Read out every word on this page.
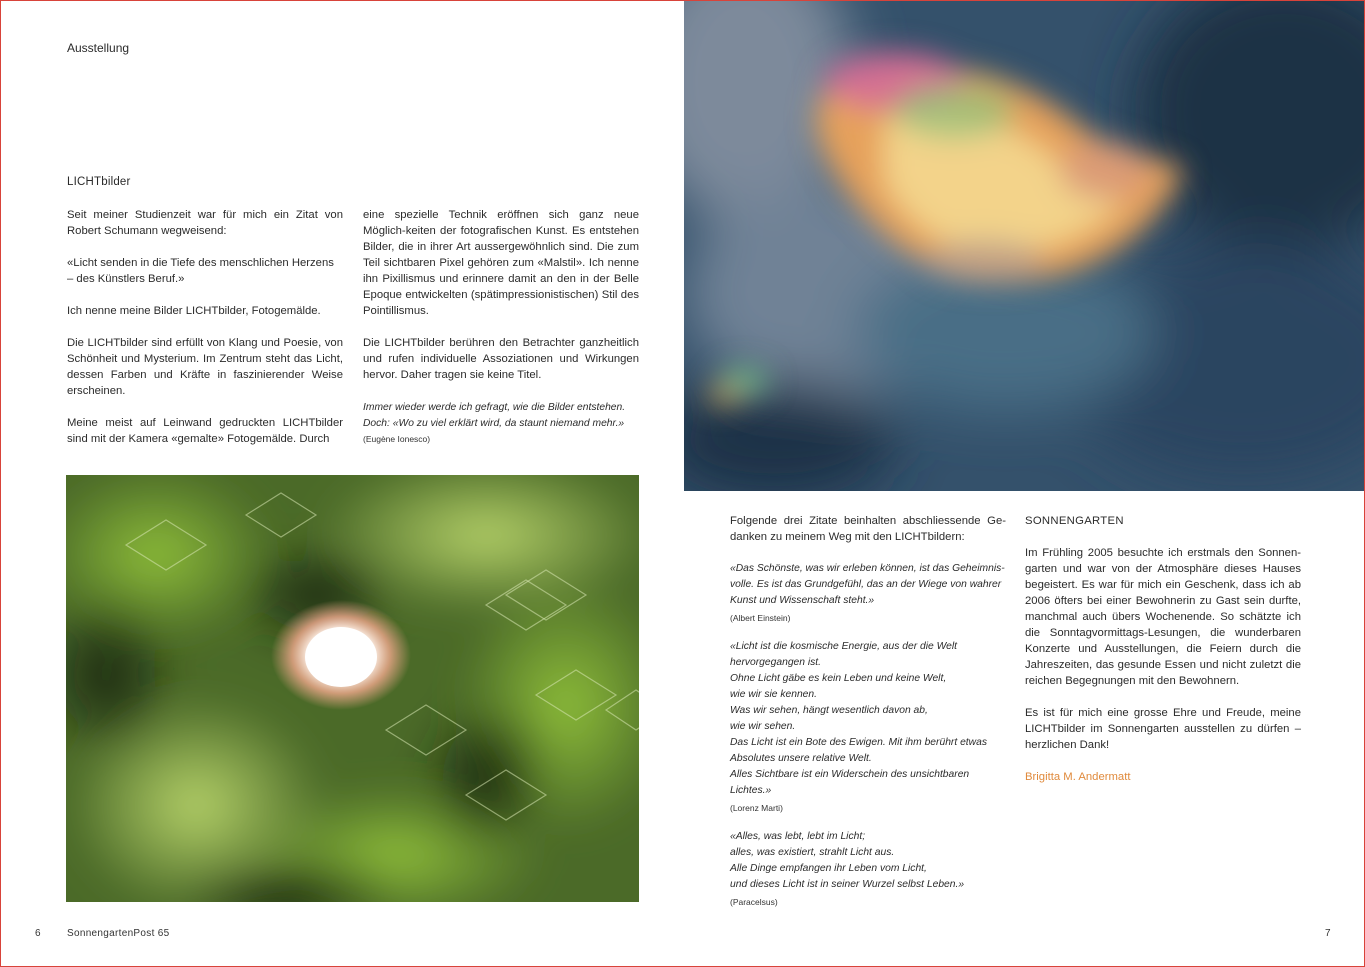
Ausstellung
LICHTbilder

Seit meiner Studienzeit war für mich ein Zitat von Robert Schumann wegweisend:

«Licht senden in die Tiefe des menschlichen Herzens – des Künstlers Beruf.»

Ich nenne meine Bilder LICHTbilder, Fotogemälde.

Die LICHTbilder sind erfüllt von Klang und Poesie, von Schönheit und Mysterium. Im Zentrum steht das Licht, dessen Farben und Kräfte in faszinierender Weise erscheinen.

Meine meist auf Leinwand gedruckten LICHTbilder sind mit der Kamera «gemalte» Fotogemälde. Durch

eine spezielle Technik eröffnen sich ganz neue Möglich-keiten der fotografischen Kunst. Es entstehen Bilder, die in ihrer Art aussergewöhnlich sind. Die zum Teil sichtbaren Pixel gehören zum «Malstil». Ich nenne ihn Pixillismus und erinnere damit an den in der Belle Epoque entwickelten (spätimpressionistischen) Stil des Pointillismus.

Die LICHTbilder berühren den Betrachter ganzheitlich und rufen individuelle Assoziationen und Wirkungen hervor. Daher tragen sie keine Titel.

Immer wieder werde ich gefragt, wie die Bilder entstehen.
Doch: «Wo zu viel erklärt wird, da staunt niemand mehr.»
(Eugène Ionesco)
6	SonnengartenPost 65

Folgende drei Zitate beinhalten abschliessende Ge-danken zu meinem Weg mit den LICHTbildern:

«Das Schönste, was wir erleben können, ist das Geheimnis-
volle. Es ist das Grundgefühl, das an der Wiege von wahrer
Kunst und Wissenschaft steht.»
(Albert Einstein)
«Licht ist die kosmische Energie, aus der die Welt
hervorgegangen ist.
Ohne Licht gäbe es kein Leben und keine Welt,
wie wir sie kennen.
Was wir sehen, hängt wesentlich davon ab,
wie wir sehen.
Das Licht ist ein Bote des Ewigen. Mit ihm berührt etwas
Absolutes unsere relative Welt.
Alles Sichtbare ist ein Widerschein des unsichtbaren Lichtes.»
(Lorenz Marti)
«Alles, was lebt, lebt im Licht;
alles, was existiert, strahlt Licht aus.
Alle Dinge empfangen ihr Leben vom Licht,
und dieses Licht ist in seiner Wurzel selbst Leben.»
(Paracelsus)

SONNENGARTEN

Im Frühling 2005 besuchte ich erstmals den Sonnen-garten und war von der Atmosphäre dieses Hauses begeistert. Es war für mich ein Geschenk, dass ich ab 2006 öfters bei einer Bewohnerin zu Gast sein durfte, manchmal auch übers Wochenende. So schätzte ich die Sonntagvormittags-Lesungen, die wunderbaren Konzerte und Ausstellungen, die Feiern durch die Jahreszeiten, das gesunde Essen und nicht zuletzt die reichen Begegnungen mit den Bewohnern.

Es ist für mich eine grosse Ehre und Freude, meine LICHTbilder im Sonnengarten ausstellen zu dürfen – herzlichen Dank!

Brigitta M. Andermatt

7
